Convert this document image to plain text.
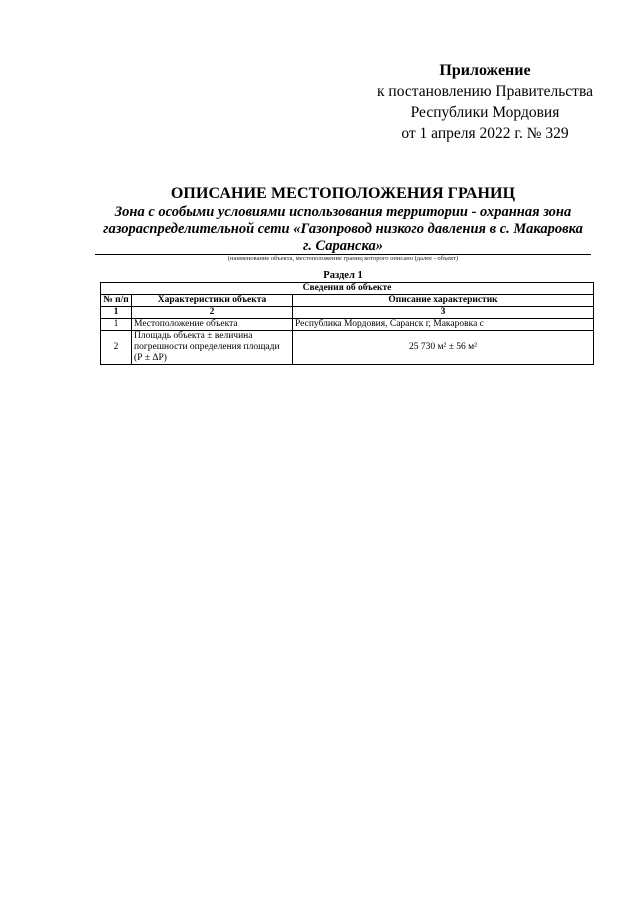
Приложение
к постановлению Правительства
Республики Мордовия
от 1 апреля 2022 г. № 329
ОПИСАНИЕ МЕСТОПОЛОЖЕНИЯ ГРАНИЦ
Зона с особыми условиями использования территории - охранная зона
газораспределительной сети «Газопровод низкого давления в с. Макаровка
г. Саранска»
(наименование объекта, местоположение границ которого описано (далее - объект)
Раздел 1
Сведения об объекте		
№ п/п	Характеристики объекта	Описание характеристик
1	2	3
1	Местоположение объекта	Республика Мордовия, Саранск г, Макаровка с
2	Площадь объекта ± величина погрешности определения площади (Р ± ΔР)	25 730 м² ± 56 м²
